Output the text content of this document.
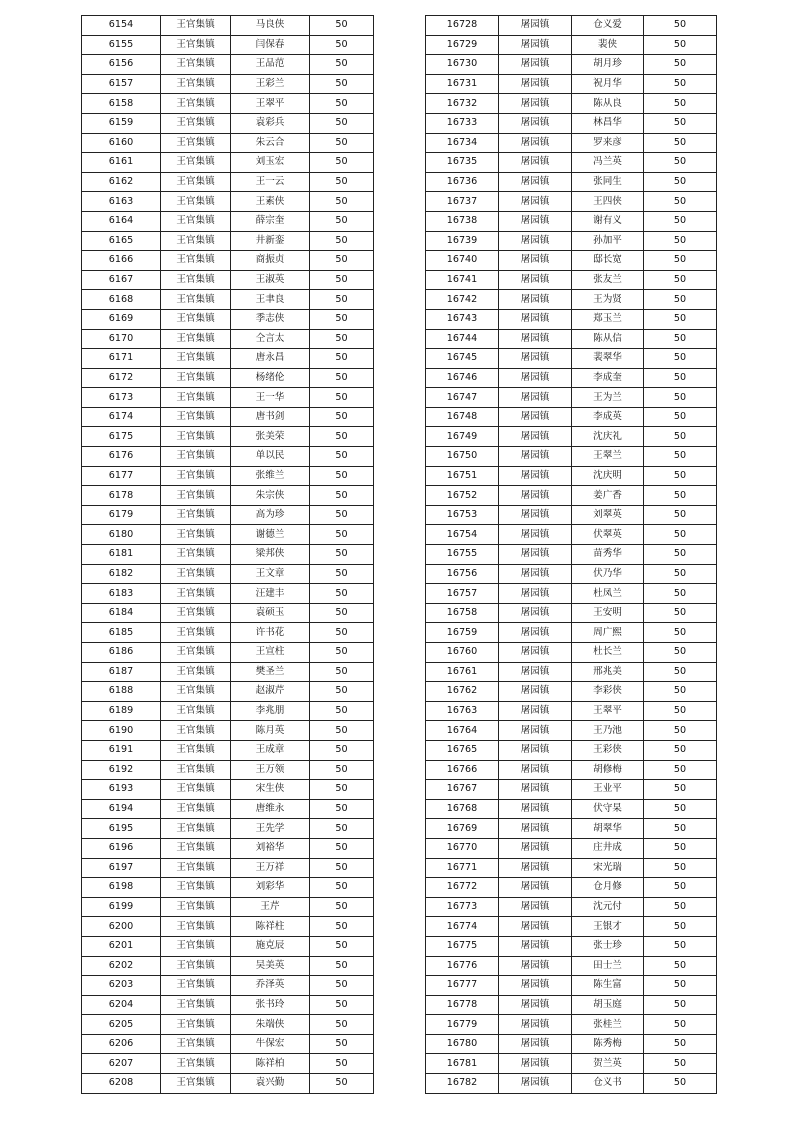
6154	王官集镇	马良侠	50
6155	王官集镇	闫保春	50
6156	王官集镇	王品范	50
6157	王官集镇	王彩兰	50
6158	王官集镇	王翠平	50
6159	王官集镇	袁彩兵	50
6160	王官集镇	朱云合	50
6161	王官集镇	刘玉宏	50
6162	王官集镇	王一云	50
6163	王官集镇	王素侠	50
6164	王官集镇	薛宗奎	50
6165	王官集镇	井新銮	50
6166	王官集镇	商振贞	50
6167	王官集镇	王淑英	50
6168	王官集镇	王聿良	50
6169	王官集镇	季志侠	50
6170	王官集镇	仝言太	50
6171	王官集镇	唐永昌	50
6172	王官集镇	杨绪伦	50
6173	王官集镇	王一华	50
6174	王官集镇	唐书剑	50
6175	王官集镇	张美荣	50
6176	王官集镇	单以民	50
6177	王官集镇	张维兰	50
6178	王官集镇	朱宗侠	50
6179	王官集镇	高为珍	50
6180	王官集镇	谢德兰	50
6181	王官集镇	梁邦侠	50
6182	王官集镇	王文章	50
6183	王官集镇	汪建丰	50
6184	王官集镇	袁硕玉	50
6185	王官集镇	许书花	50
6186	王官集镇	王宣柱	50
6187	王官集镇	樊圣兰	50
6188	王官集镇	赵淑芹	50
6189	王官集镇	李兆朋	50
6190	王官集镇	陈月英	50
6191	王官集镇	王成章	50
6192	王官集镇	王万领	50
6193	王官集镇	宋生侠	50
6194	王官集镇	唐维永	50
6195	王官集镇	王先学	50
6196	王官集镇	刘裕华	50
6197	王官集镇	王万祥	50
6198	王官集镇	刘彩华	50
6199	王官集镇	王芹	50
6200	王官集镇	陈祥柱	50
6201	王官集镇	施克辰	50
6202	王官集镇	吴美英	50
6203	王官集镇	乔泽英	50
6204	王官集镇	张书玲	50
6205	王官集镇	朱端侠	50
6206	王官集镇	牛保宏	50
6207	王官集镇	陈祥柏	50
6208	王官集镇	袁兴勤	50
16728	屠园镇	仓义爱	50
16729	屠园镇	裴侠	50
16730	屠园镇	胡月珍	50
16731	屠园镇	祝月华	50
16732	屠园镇	陈从良	50
16733	屠园镇	林昌华	50
16734	屠园镇	罗来彦	50
16735	屠园镇	冯兰英	50
16736	屠园镇	张同生	50
16737	屠园镇	王四侠	50
16738	屠园镇	谢有义	50
16739	屠园镇	孙加平	50
16740	屠园镇	邸长宽	50
16741	屠园镇	张友兰	50
16742	屠园镇	王为贤	50
16743	屠园镇	郑玉兰	50
16744	屠园镇	陈从信	50
16745	屠园镇	裴翠华	50
16746	屠园镇	李成奎	50
16747	屠园镇	王为兰	50
16748	屠园镇	李成英	50
16749	屠园镇	沈庆礼	50
16750	屠园镇	王翠兰	50
16751	屠园镇	沈庆明	50
16752	屠园镇	姜广香	50
16753	屠园镇	刘翠英	50
16754	屠园镇	伏翠英	50
16755	屠园镇	苗秀华	50
16756	屠园镇	伏乃华	50
16757	屠园镇	杜凤兰	50
16758	屠园镇	王安明	50
16759	屠园镇	周广熙	50
16760	屠园镇	杜长兰	50
16761	屠园镇	邢兆美	50
16762	屠园镇	李彩侠	50
16763	屠园镇	王翠平	50
16764	屠园镇	王乃池	50
16765	屠园镇	王彩侠	50
16766	屠园镇	胡修梅	50
16767	屠园镇	王业平	50
16768	屠园镇	伏守杲	50
16769	屠园镇	胡翠华	50
16770	屠园镇	庄井成	50
16771	屠园镇	宋光瑞	50
16772	屠园镇	仓月修	50
16773	屠园镇	沈元付	50
16774	屠园镇	王银才	50
16775	屠园镇	张士珍	50
16776	屠园镇	田士兰	50
16777	屠园镇	陈生富	50
16778	屠园镇	胡玉庭	50
16779	屠园镇	张桂兰	50
16780	屠园镇	陈秀梅	50
16781	屠园镇	贺兰英	50
16782	屠园镇	仓义书	50
